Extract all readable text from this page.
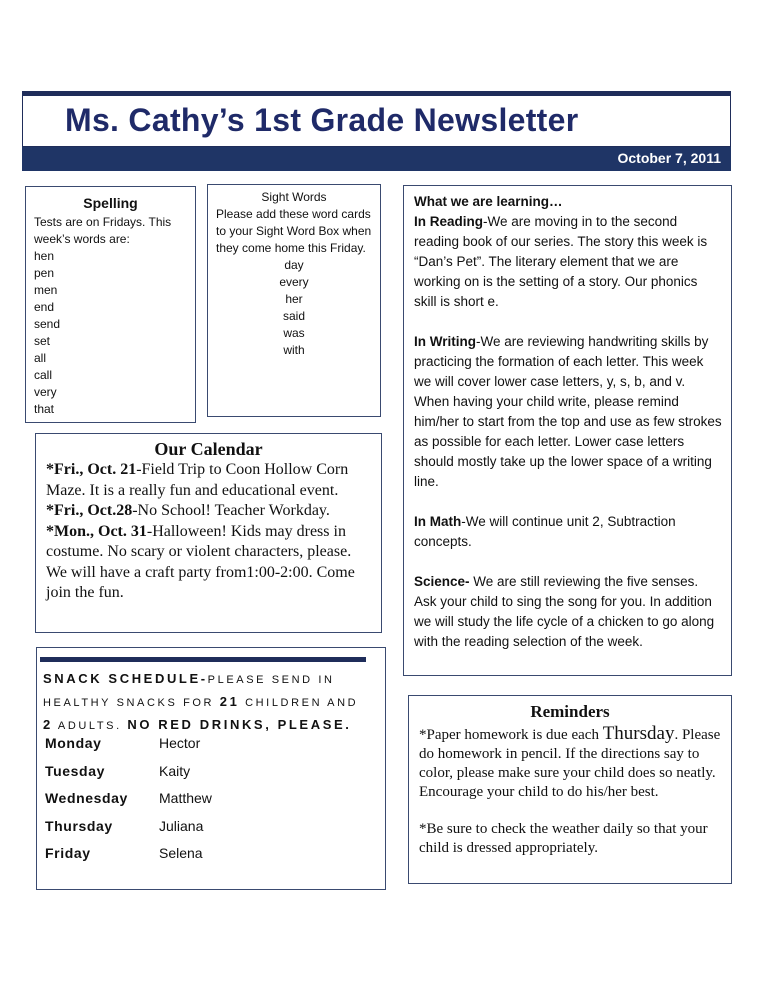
Ms. Cathy’s 1st Grade Newsletter
October 7, 2011
Spelling
Tests are on Fridays. This week’s words are:
hen
pen
men
end
send
set
all
call
very
that
Sight Words
Please add these word cards to your Sight Word Box when they come home this Friday.
day
every
her
said
was
with

What we are learning…

In Reading-We are moving in to the second reading book of our series. The story this week is “Dan’s Pet”. The literary element that we are working on is the setting of a story. Our phonics skill is short e.

In Writing-We are reviewing handwriting skills by practicing the formation of each letter. This week we will cover lower case letters, y, s, b, and v. When having your child write, please remind him/her to start from the top and use as few strokes as possible for each letter. Lower case letters should mostly take up the lower space of a writing line.

In Math-We will continue unit 2, Subtraction concepts.

Science- We are still reviewing the five senses. Ask your child to sing the song for you. In addition we will study the life cycle of a chicken to go along with the reading selection of the week.

Our Calendar
*Fri., Oct. 21-Field Trip to Coon Hollow Corn Maze. It is a really fun and educational event.
*Fri., Oct.28-No School! Teacher Workday.
*Mon., Oct. 31-Halloween! Kids may dress in costume. No scary or violent characters, please. We will have a craft party from1:00-2:00. Come join the fun.
SNACK SCHEDULE-PLEASE SEND IN HEALTHY SNACKS FOR 21 CHILDREN AND 2 ADULTS. NO RED DRINKS, PLEASE.
Monday	Hector
Tuesday	Kaity
Wednesday	Matthew
Thursday	Juliana
Friday	Selena
Reminders

*Paper homework is due each Thursday. Please do homework in pencil. If the directions say to color, please make sure your child does so neatly. Encourage your child to do his/her best.

*Be sure to check the weather daily so that your child is dressed appropriately.
